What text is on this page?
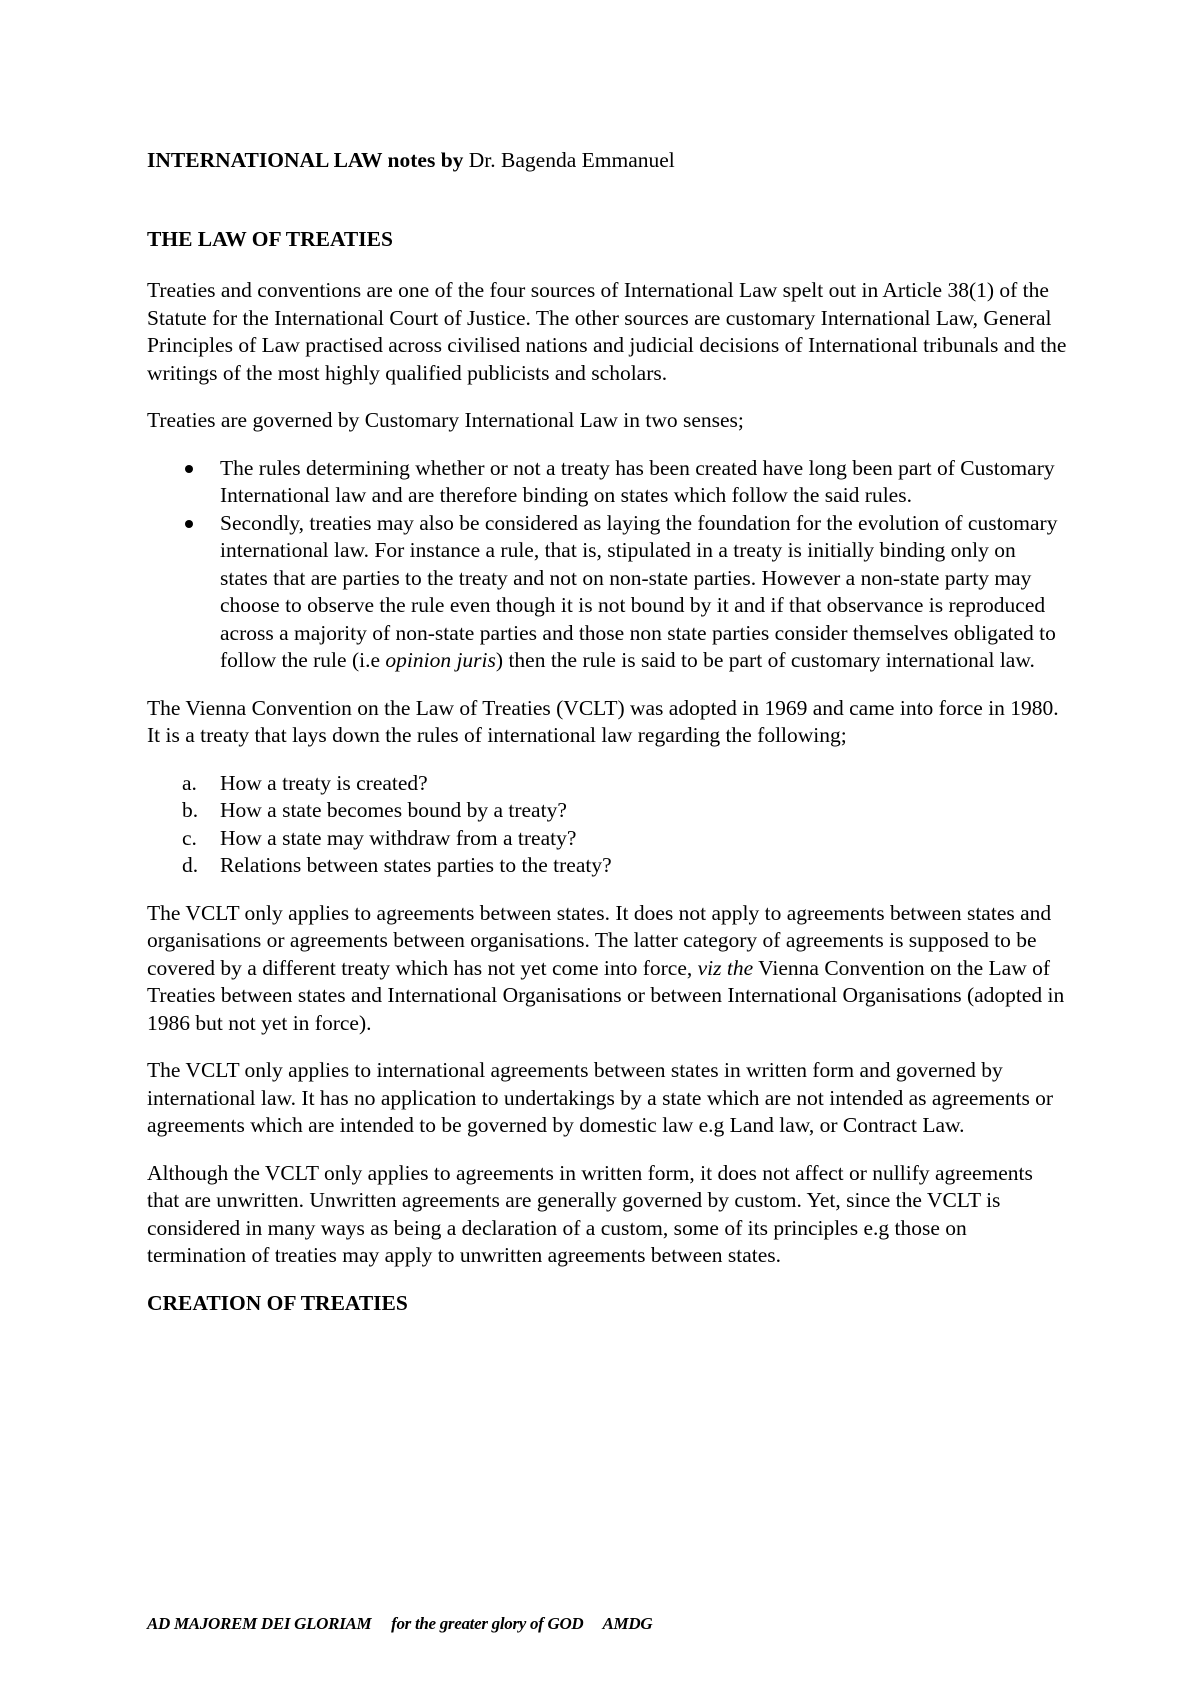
INTERNATIONAL LAW notes by Dr. Bagenda Emmanuel

THE LAW OF TREATIES

Treaties and conventions are one of the four sources of International Law spelt out in Article 38(1) of the Statute for the International Court of Justice. The other sources are customary International Law, General Principles of Law practised across civilised nations and judicial decisions of International tribunals and the writings of the most highly qualified publicists and scholars.

Treaties are governed by Customary International Law in two senses;

The rules determining whether or not a treaty has been created have long been part of Customary International law and are therefore binding on states which follow the said rules.
Secondly, treaties may also be considered as laying the foundation for the evolution of customary international law. For instance a rule, that is, stipulated in a treaty is initially binding only on states that are parties to the treaty and not on non-state parties. However a non-state party may choose to observe the rule even though it is not bound by it and if that observance is reproduced across a majority of non-state parties and those non state parties consider themselves obligated to follow the rule (i.e opinion juris) then the rule is said to be part of customary international law.

The Vienna Convention on the Law of Treaties (VCLT) was adopted in 1969 and came into force in 1980. It is a treaty that lays down the rules of international law regarding the following;

a. How a treaty is created?
b. How a state becomes bound by a treaty?
c. How a state may withdraw from a treaty?
d. Relations between states parties to the treaty?

The VCLT only applies to agreements between states. It does not apply to agreements between states and organisations or agreements between organisations. The latter category of agreements is supposed to be covered by a different treaty which has not yet come into force, viz the Vienna Convention on the Law of Treaties between states and International Organisations or between International Organisations (adopted in 1986 but not yet in force).

The VCLT only applies to international agreements between states in written form and governed by international law. It has no application to undertakings by a state which are not intended as agreements or agreements which are intended to be governed by domestic law e.g Land law, or Contract Law.

Although the VCLT only applies to agreements in written form, it does not affect or nullify agreements that are unwritten. Unwritten agreements are generally governed by custom. Yet, since the VCLT is considered in many ways as being a declaration of a custom, some of its principles e.g those on termination of treaties may apply to unwritten agreements between states.

CREATION OF TREATIES

AD MAJOREM DEI GLORIAM     for the greater glory of GOD     AMDG
